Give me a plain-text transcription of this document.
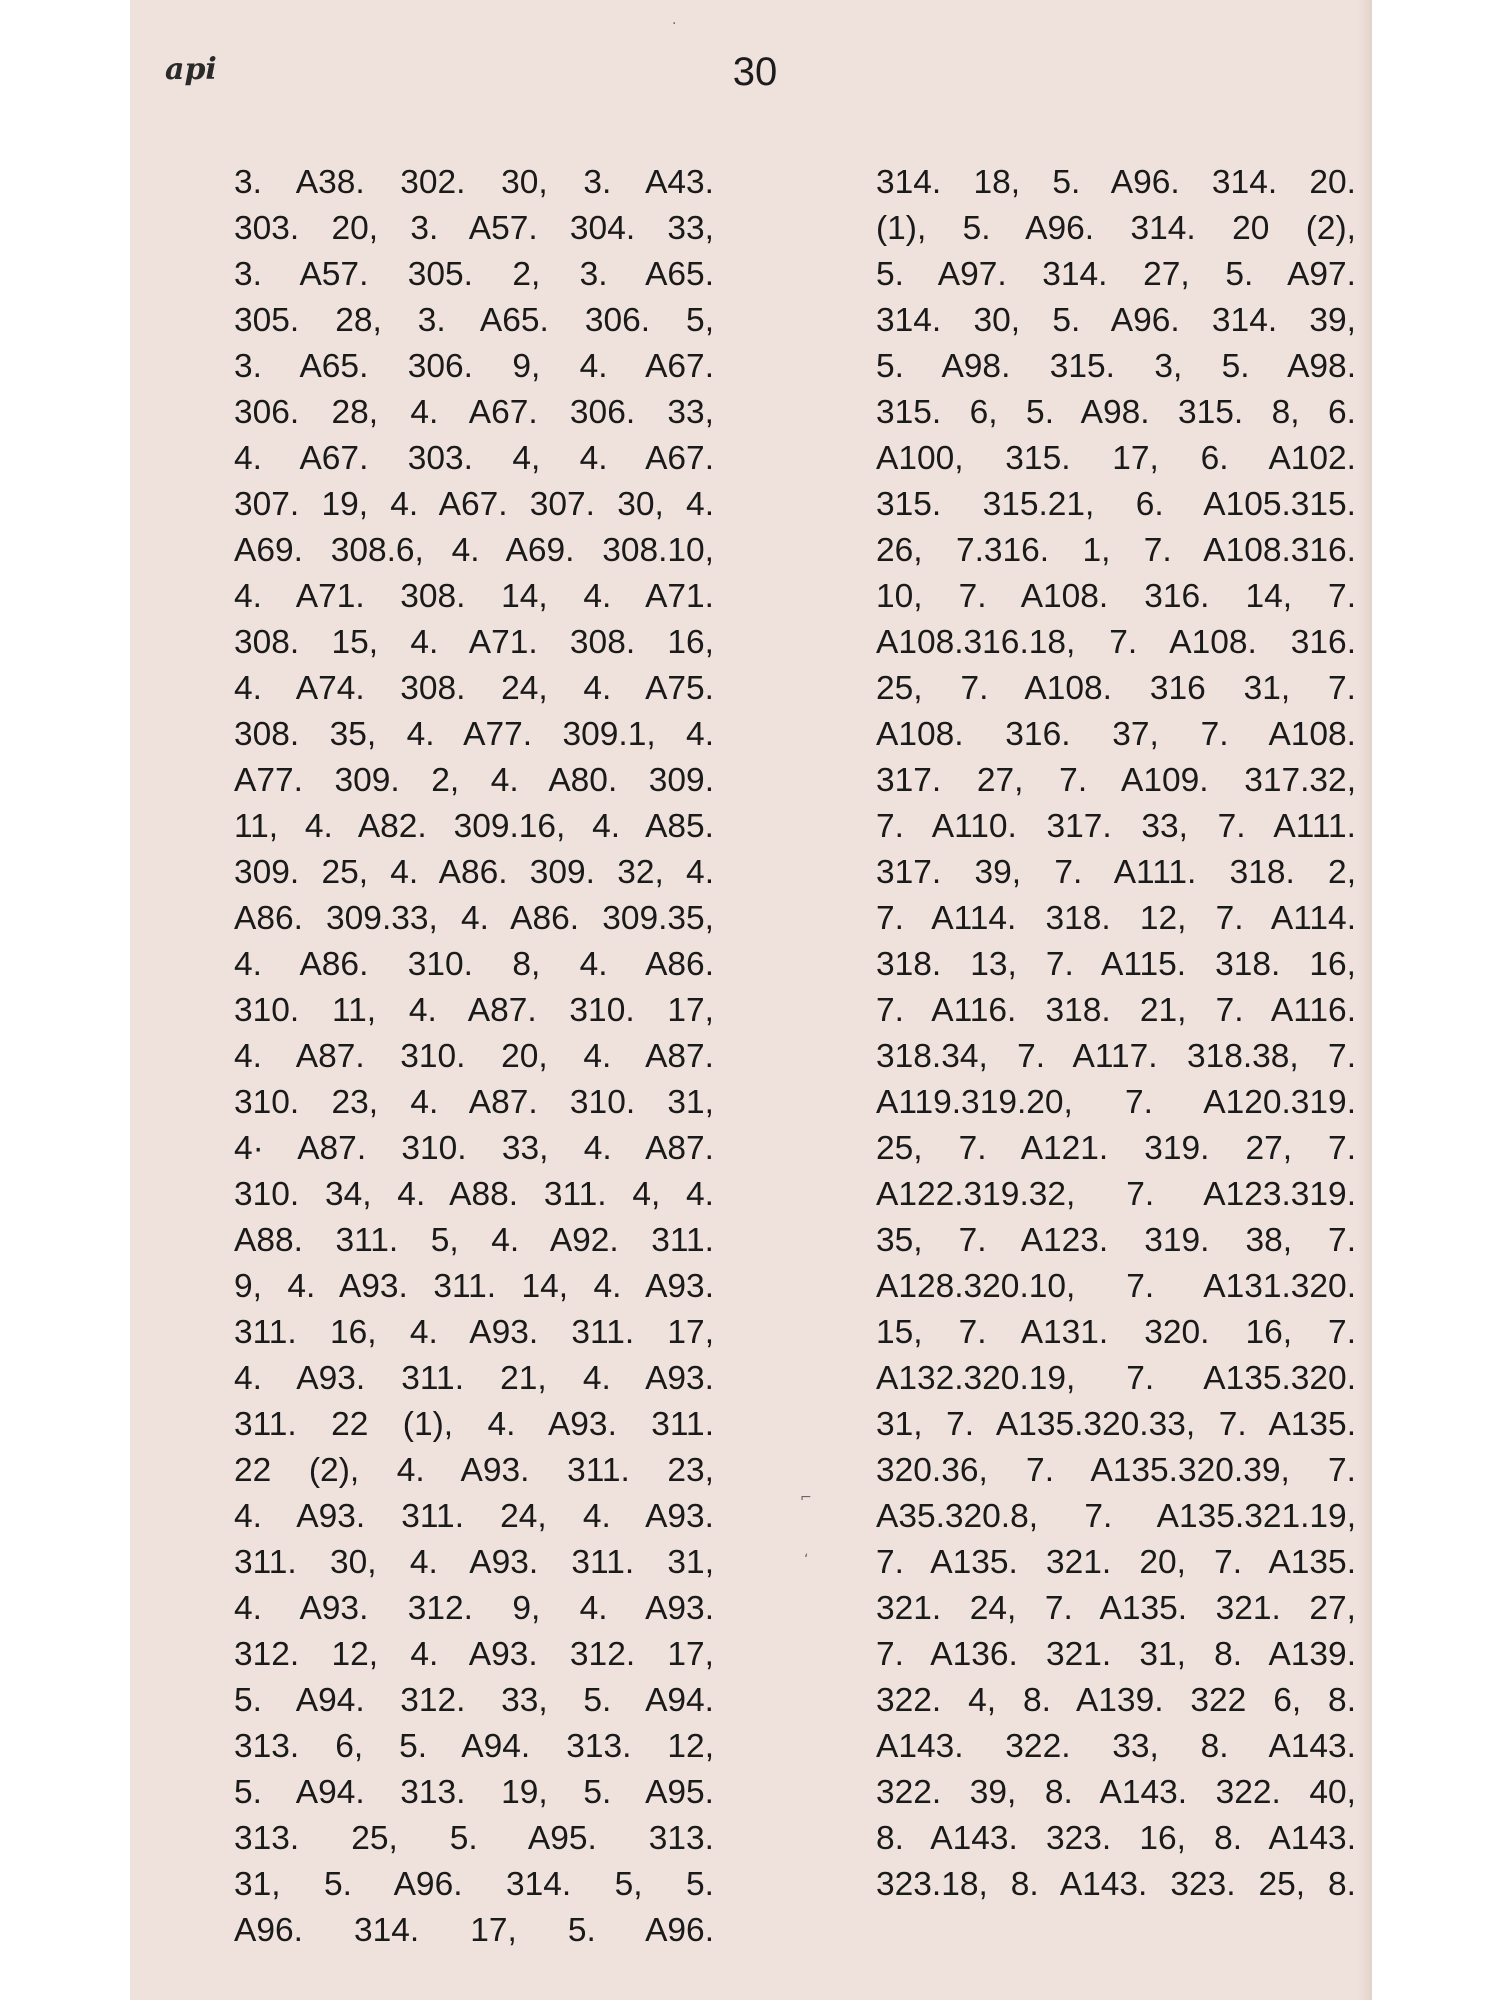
api	30
⌐
‘
·
3. A38. 302. 30, 3. A43.
303. 20, 3. A57. 304. 33,
3. A57. 305. 2, 3. A65.
305. 28, 3. A65. 306. 5,
3. A65. 306. 9, 4. A67.
306. 28, 4. A67. 306. 33,
4. A67. 303. 4, 4. A67.
307. 19, 4. A67. 307. 30, 4.
A69. 308.6, 4. A69. 308.10,
4. A71. 308. 14, 4. A71.
308. 15, 4. A71. 308. 16,
4. A74. 308. 24, 4. A75.
308. 35, 4. A77. 309.1, 4.
A77. 309. 2, 4. A80. 309.
11, 4. A82. 309.16, 4. A85.
309. 25, 4. A86. 309. 32, 4.
A86. 309.33, 4. A86. 309.35,
4. A86. 310. 8, 4. A86.
310. 11, 4. A87. 310. 17,
4. A87. 310. 20, 4. A87.
310. 23, 4. A87. 310. 31,
4· A87. 310. 33, 4. A87.
310. 34, 4. A88. 311. 4, 4.
A88. 311. 5, 4. A92. 311.
9, 4. A93. 311. 14, 4. A93.
311. 16, 4. A93. 311. 17,
4. A93. 311. 21, 4. A93.
311. 22 (1), 4. A93. 311.
22 (2), 4. A93. 311. 23,
4. A93. 311. 24, 4. A93.
311. 30, 4. A93. 311. 31,
4. A93. 312. 9, 4. A93.
312. 12, 4. A93. 312. 17,
5. A94. 312. 33, 5. A94.
313. 6, 5. A94. 313. 12,
5. A94. 313. 19, 5. A95.
313. 25, 5. A95. 313.
31, 5. A96. 314. 5, 5.
A96. 314. 17, 5. A96.
314. 18, 5. A96. 314. 20.
(1), 5. A96. 314. 20 (2),
5. A97. 314. 27, 5. A97.
314. 30, 5. A96. 314. 39,
5. A98. 315. 3, 5. A98.
315. 6, 5. A98. 315. 8, 6.
A100, 315. 17, 6. A102.
315. 315.21, 6. A105.315.
26, 7.316. 1, 7. A108.316.
10, 7. A108. 316. 14, 7.
A108.316.18, 7. A108. 316.
25, 7. A108. 316 31, 7.
A108. 316. 37, 7. A108.
317. 27, 7. A109. 317.32,
7. A110. 317. 33, 7. A111.
317. 39, 7. A111. 318. 2,
7. A114. 318. 12, 7. A114.
318. 13, 7. A115. 318. 16,
7. A116. 318. 21, 7. A116.
318.34, 7. A117. 318.38, 7.
A119.319.20, 7. A120.319.
25, 7. A121. 319. 27, 7.
A122.319.32, 7. A123.319.
35, 7. A123. 319. 38, 7.
A128.320.10, 7. A131.320.
15, 7. A131. 320. 16, 7.
A132.320.19, 7. A135.320.
31, 7. A135.320.33, 7. A135.
320.36, 7. A135.320.39, 7.
A35.320.8, 7. A135.321.19,
7. A135. 321. 20, 7. A135.
321. 24, 7. A135. 321. 27,
7. A136. 321. 31, 8. A139.
322. 4, 8. A139. 322 6, 8.
A143. 322. 33, 8. A143.
322. 39, 8. A143. 322. 40,
8. A143. 323. 16, 8. A143.
323.18, 8. A143. 323. 25, 8.
